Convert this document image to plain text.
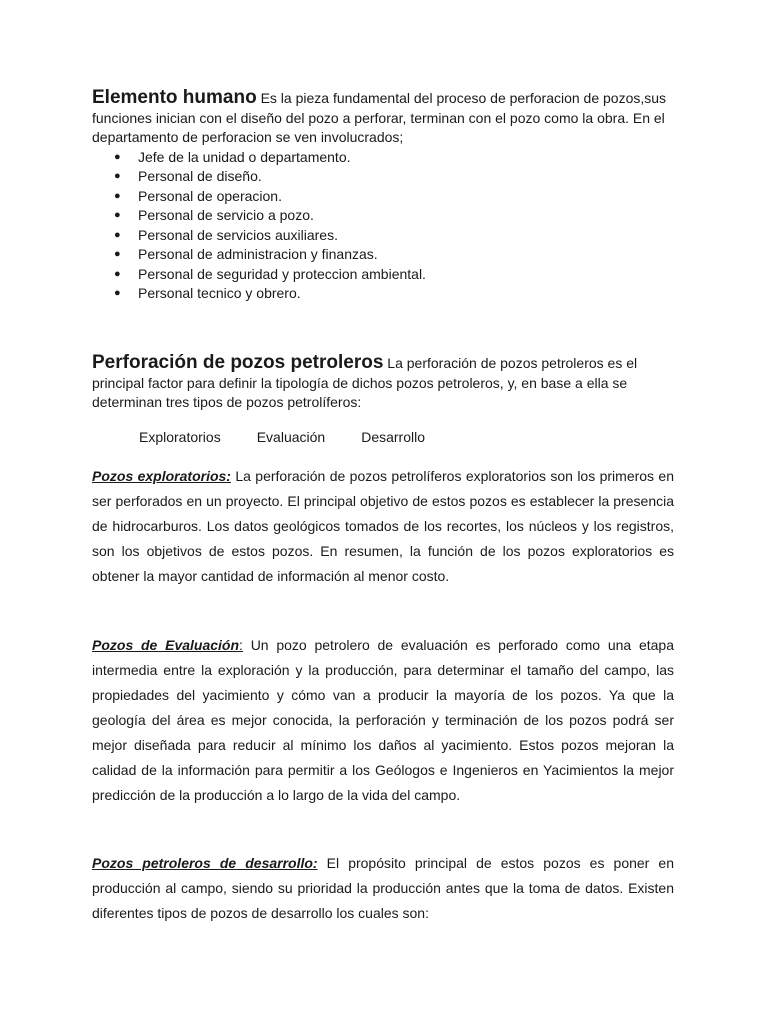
Elemento humano Es la pieza fundamental del proceso de perforacion de pozos,sus funciones inician con el diseño del pozo a perforar, terminan con el pozo como la obra. En el departamento de perforacion se ven involucrados;

● Jefe de la unidad o departamento.
● Personal de diseño.
● Personal de operacion.
● Personal de servicio a pozo.
● Personal de servicios auxiliares.
● Personal de administracion y finanzas.
● Personal de seguridad y proteccion ambiental.
● Personal tecnico y obrero.

Perforación de pozos petroleros La perforación de pozos petroleros es el principal factor para definir la tipología de dichos pozos petroleros, y, en base a ella se determinan tres tipos de pozos petrolíferos:

Exploratorios	Evaluación	Desarrollo

Pozos exploratorios: La perforación de pozos petrolíferos exploratorios son los primeros en ser perforados en un proyecto. El principal objetivo de estos pozos es establecer la presencia de hidrocarburos. Los datos geológicos tomados de los recortes, los núcleos y los registros, son los objetivos de estos pozos. En resumen, la función de los pozos exploratorios es obtener la mayor cantidad de información al menor costo.

Pozos de Evaluación: Un pozo petrolero de evaluación es perforado como una etapa intermedia entre la exploración y la producción, para determinar el tamaño del campo, las propiedades del yacimiento y cómo van a producir la mayoría de los pozos. Ya que la geología del área es mejor conocida, la perforación y terminación de los pozos podrá ser mejor diseñada para reducir al mínimo los daños al yacimiento. Estos pozos mejoran la calidad de la información para permitir a los Geólogos e Ingenieros en Yacimientos la mejor predicción de la producción a lo largo de la vida del campo.

Pozos petroleros de desarrollo: El propósito principal de estos pozos es poner en producción al campo, siendo su prioridad la producción antes que la toma de datos. Existen diferentes tipos de pozos de desarrollo los cuales son:
